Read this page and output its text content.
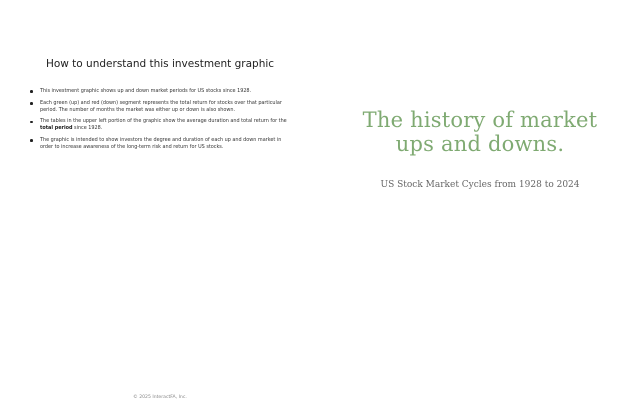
How to understand this investment graphic
This investment graphic shows up and down market periods for US stocks since 1928.
Each green (up) and red (down) segment represents the total return for stocks over that particular period. The number of months the market was either up or down is also shown.
The tables in the upper left portion of the graphic show the average duration and total return for the total period since 1928.
The graphic is intended to show investors the degree and duration of each up and down market in order to increase awareness of the long-term risk and return for US stocks.
© 2025 InteractFA, Inc.
The history of market
ups and downs.
US Stock Market Cycles from 1928 to 2024
